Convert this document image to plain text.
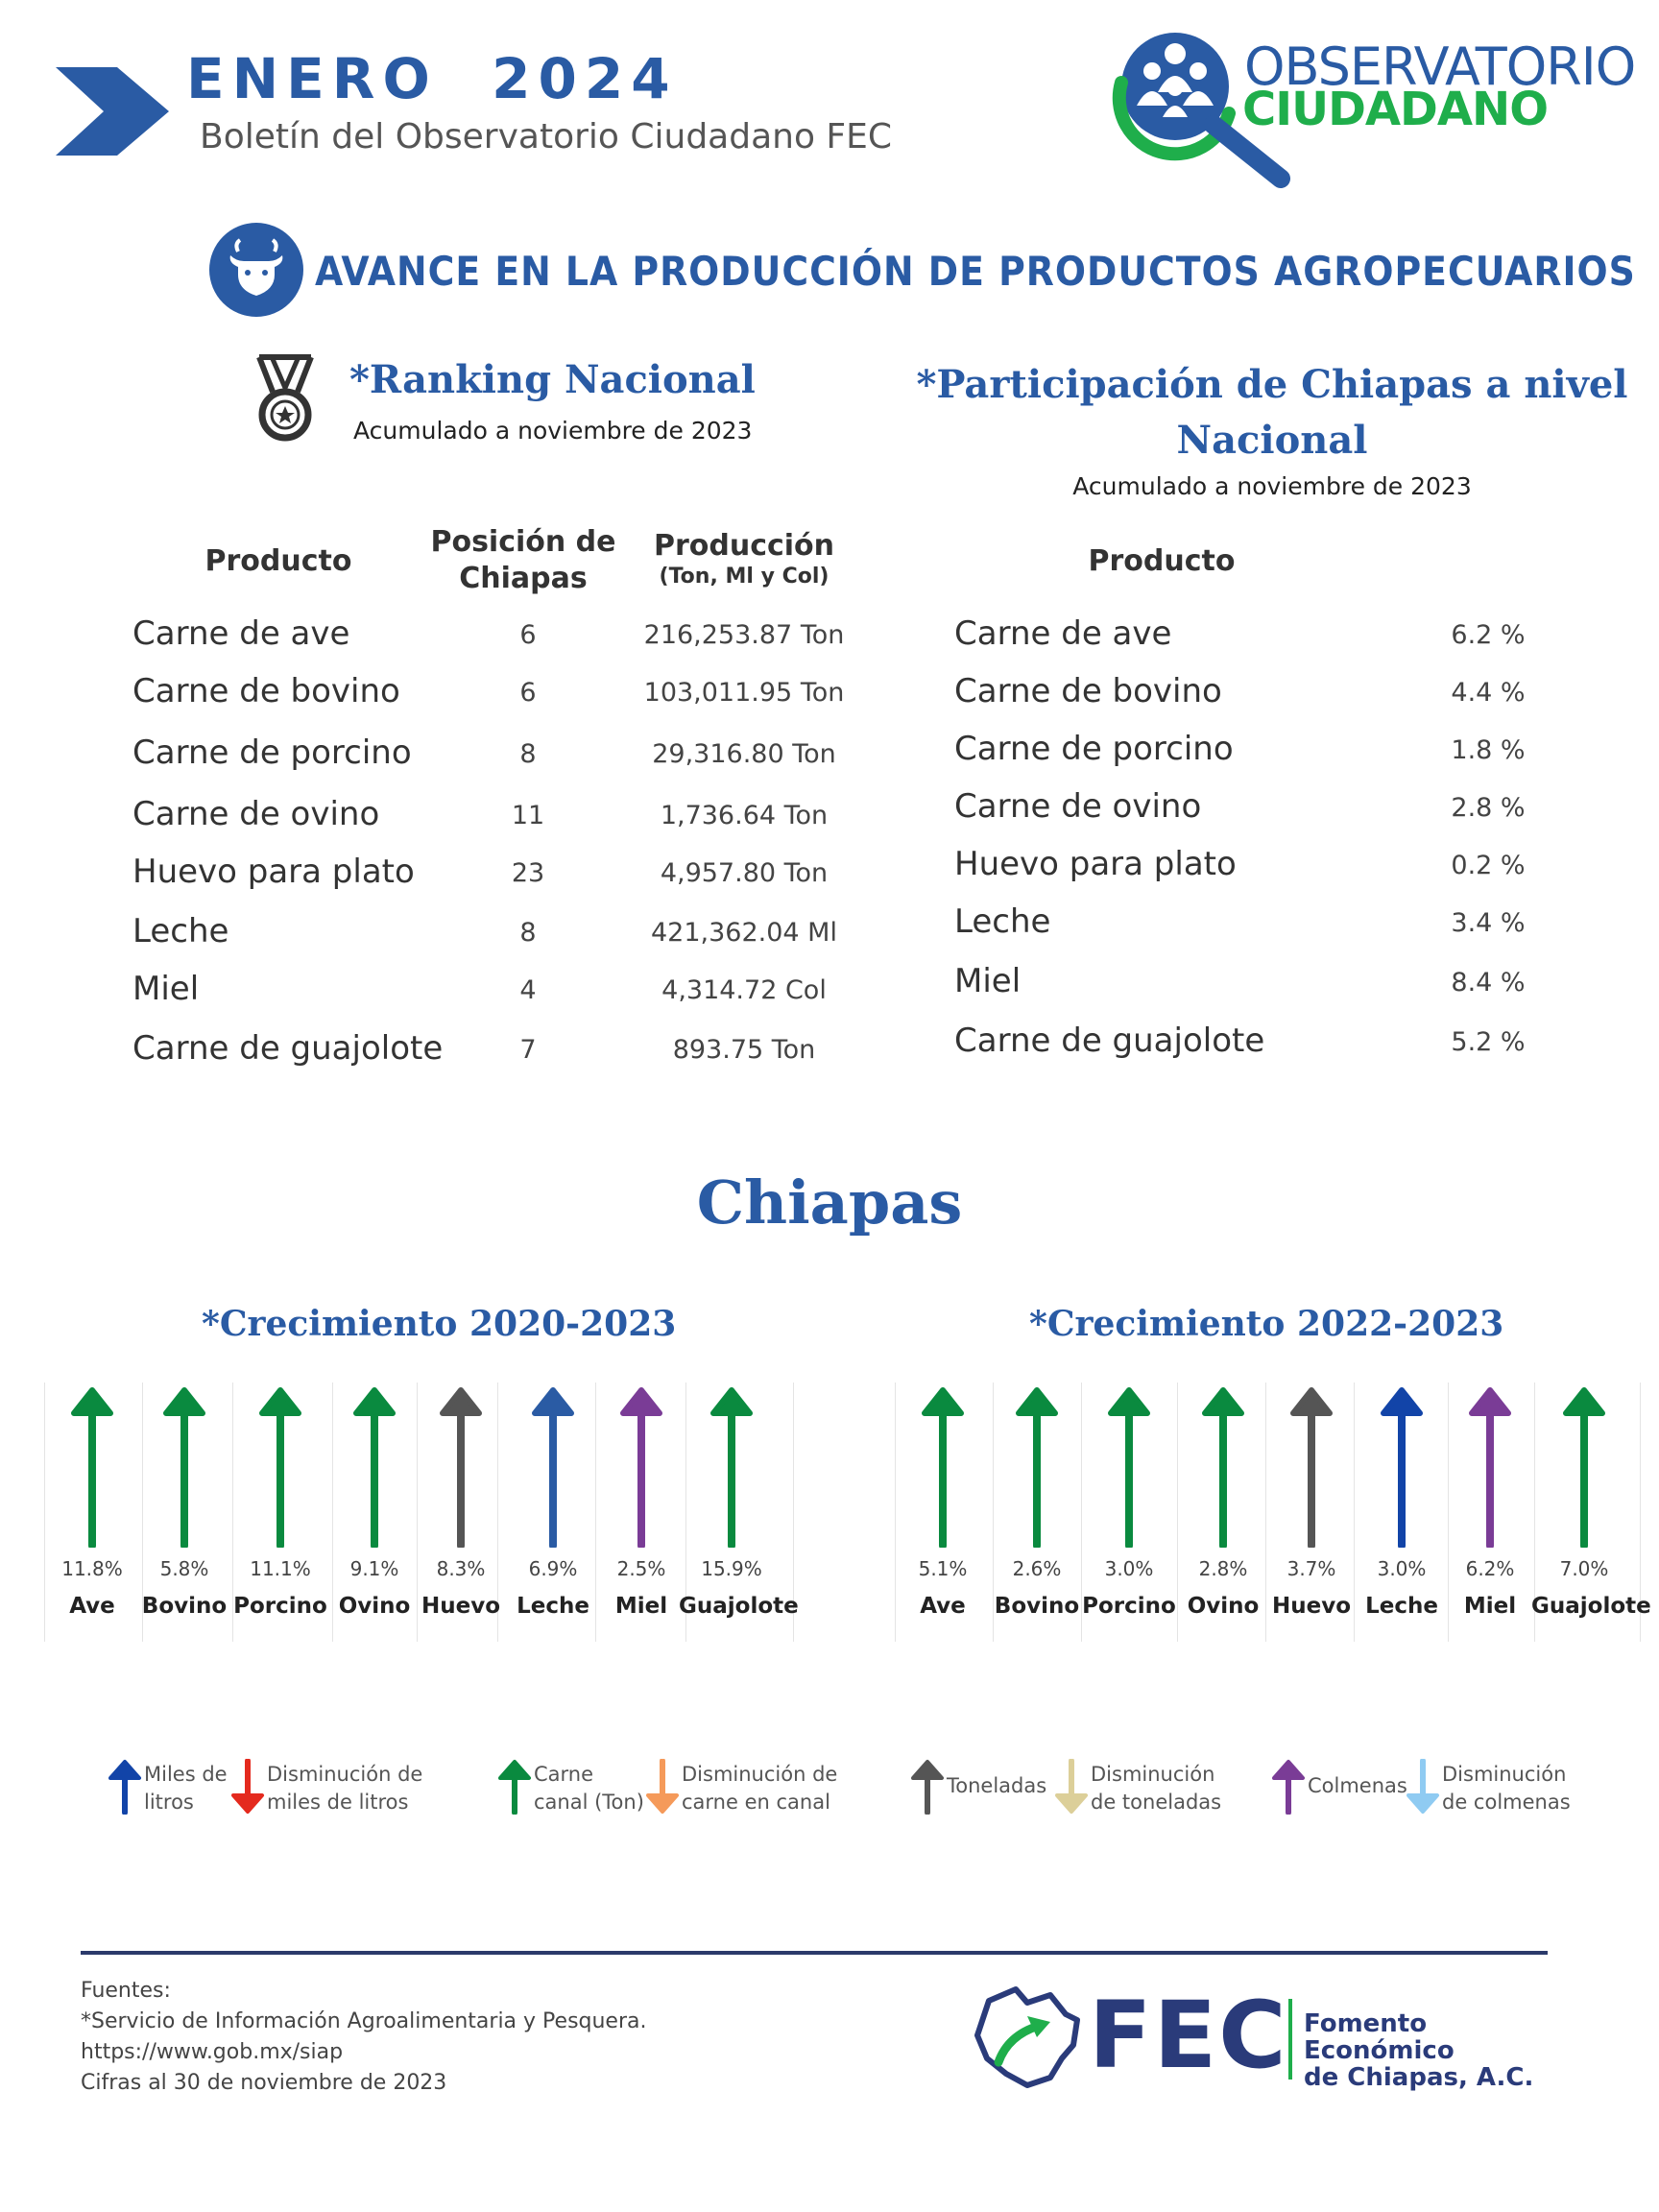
ENERO  2024
Boletín del Observatorio Ciudadano FEC
OBSERVATORIO
CIUDADANO
AVANCE EN LA PRODUCCIÓN DE PRODUCTOS AGROPECUARIOS
*Ranking Nacional
Acumulado a noviembre de 2023
Producto
Posición de Chiapas
Producción
(Ton, Ml y Col)
Carne de ave	6	216,253.87 Ton
Carne de bovino	6	103,011.95 Ton
Carne de porcino	8	29,316.80 Ton
Carne de ovino	11	1,736.64 Ton
Huevo para plato	23	4,957.80 Ton
Leche	8	421,362.04 Ml
Miel	4	4,314.72 Col
Carne de guajolote	7	893.75 Ton
*Participación de Chiapas a nivel
Nacional
Acumulado a noviembre de 2023
Producto
Carne de ave	6.2 %
Carne de bovino	4.4 %
Carne de porcino	1.8 %
Carne de ovino	2.8 %
Huevo para plato	0.2 %
Leche	3.4 %
Miel	8.4 %
Carne de guajolote	5.2 %
Chiapas
*Crecimiento 2020-2023	*Crecimiento 2022-2023
11.8%
Ave
5.8%
Bovino
11.1%
Porcino
9.1%
Ovino
8.3%
Huevo
6.9%
Leche
2.5%
Miel
15.9%
Guajolote
5.1%
Ave
2.6%
Bovino
3.0%
Porcino
2.8%
Ovino
3.7%
Huevo
3.0%
Leche
6.2%
Miel
7.0%
Guajolote
Miles de
litros
Disminución de
miles de litros
Carne
canal (Ton)
Disminución de
carne en canal
Toneladas Disminución
de toneladas
Colmenas Disminución
de colmenas
Fuentes:
*Servicio de Información Agroalimentaria y Pesquera.
https://www.gob.mx/siap
Cifras al 30 de noviembre de 2023	FEC Fomento Económico
de Chiapas, A.C.
